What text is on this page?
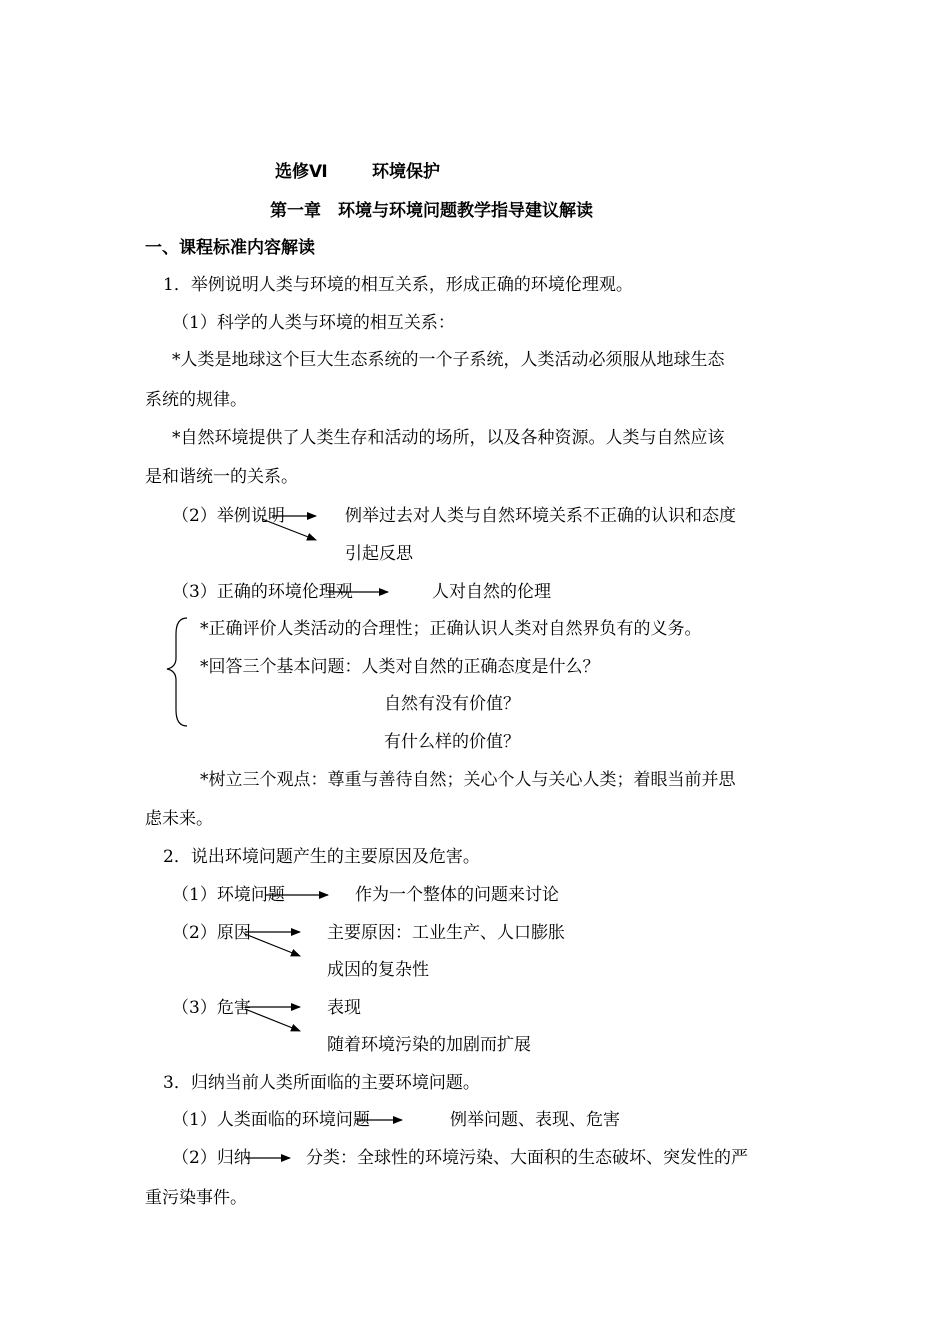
选修Ⅵ	环境保护
第一章　环境与环境问题教学指导建议解读
一、课程标准内容解读
1．举例说明人类与环境的相互关系，形成正确的环境伦理观。
（1）科学的人类与环境的相互关系：
*人类是地球这个巨大生态系统的一个子系统，人类活动必须服从地球生态
系统的规律。
*自然环境提供了人类生存和活动的场所，以及各种资源。人类与自然应该
是和谐统一的关系。
（2）举例说明	例举过去对人类与自然环境关系不正确的认识和态度
引起反思
（3）正确的环境伦理观	人对自然的伦理
*正确评价人类活动的合理性；正确认识人类对自然界负有的义务。
*回答三个基本问题：人类对自然的正确态度是什么？
自然有没有价值？
有什么样的价值？
*树立三个观点：尊重与善待自然；关心个人与关心人类；着眼当前并思
虑未来。
2．说出环境问题产生的主要原因及危害。
（1）环境问题	作为一个整体的问题来讨论
（2）原因	主要原因：工业生产、人口膨胀
成因的复杂性
（3）危害	表现
随着环境污染的加剧而扩展
3．归纳当前人类所面临的主要环境问题。
（1）人类面临的环境问题	例举问题、表现、危害
（2）归纳	分类：全球性的环境污染、大面积的生态破坏、突发性的严
重污染事件。
